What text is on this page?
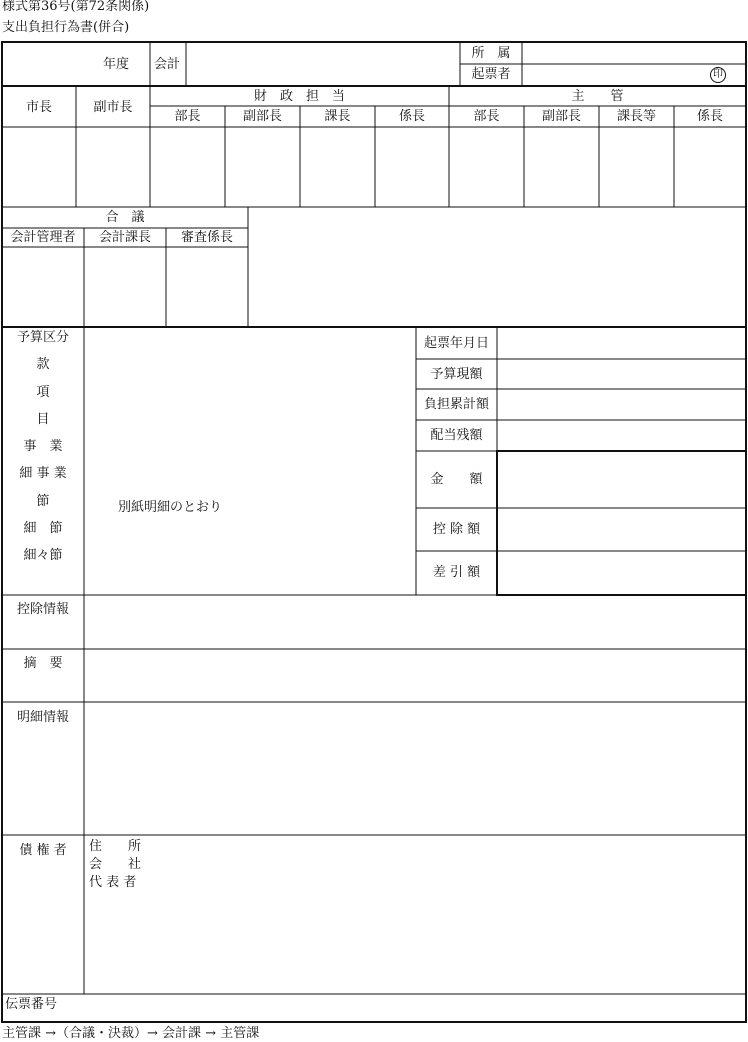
様式第36号(第72条関係)
支出負担行為書(併合)
年度 会計
所　属
起票者	印
市長	副市長
財　政　担　当	主　　管
部長	副部長	課長	係長	部長	副部長	課長等	係長
合　議
会計管理者	会計課長	審査係長
予算区分
款
項
目
事　業
細 事 業
節
細　節
細々節
別紙明細のとおり
起票年月日
予算現額
負担累計額
配当残額
金　　額
控 除 額
差 引 額
控除情報
摘　要
明細情報
債 権 者	住　　所
会　　社
代 表 者
伝票番号
主管課 →（合議・決裁）→ 会計課 → 主管課
